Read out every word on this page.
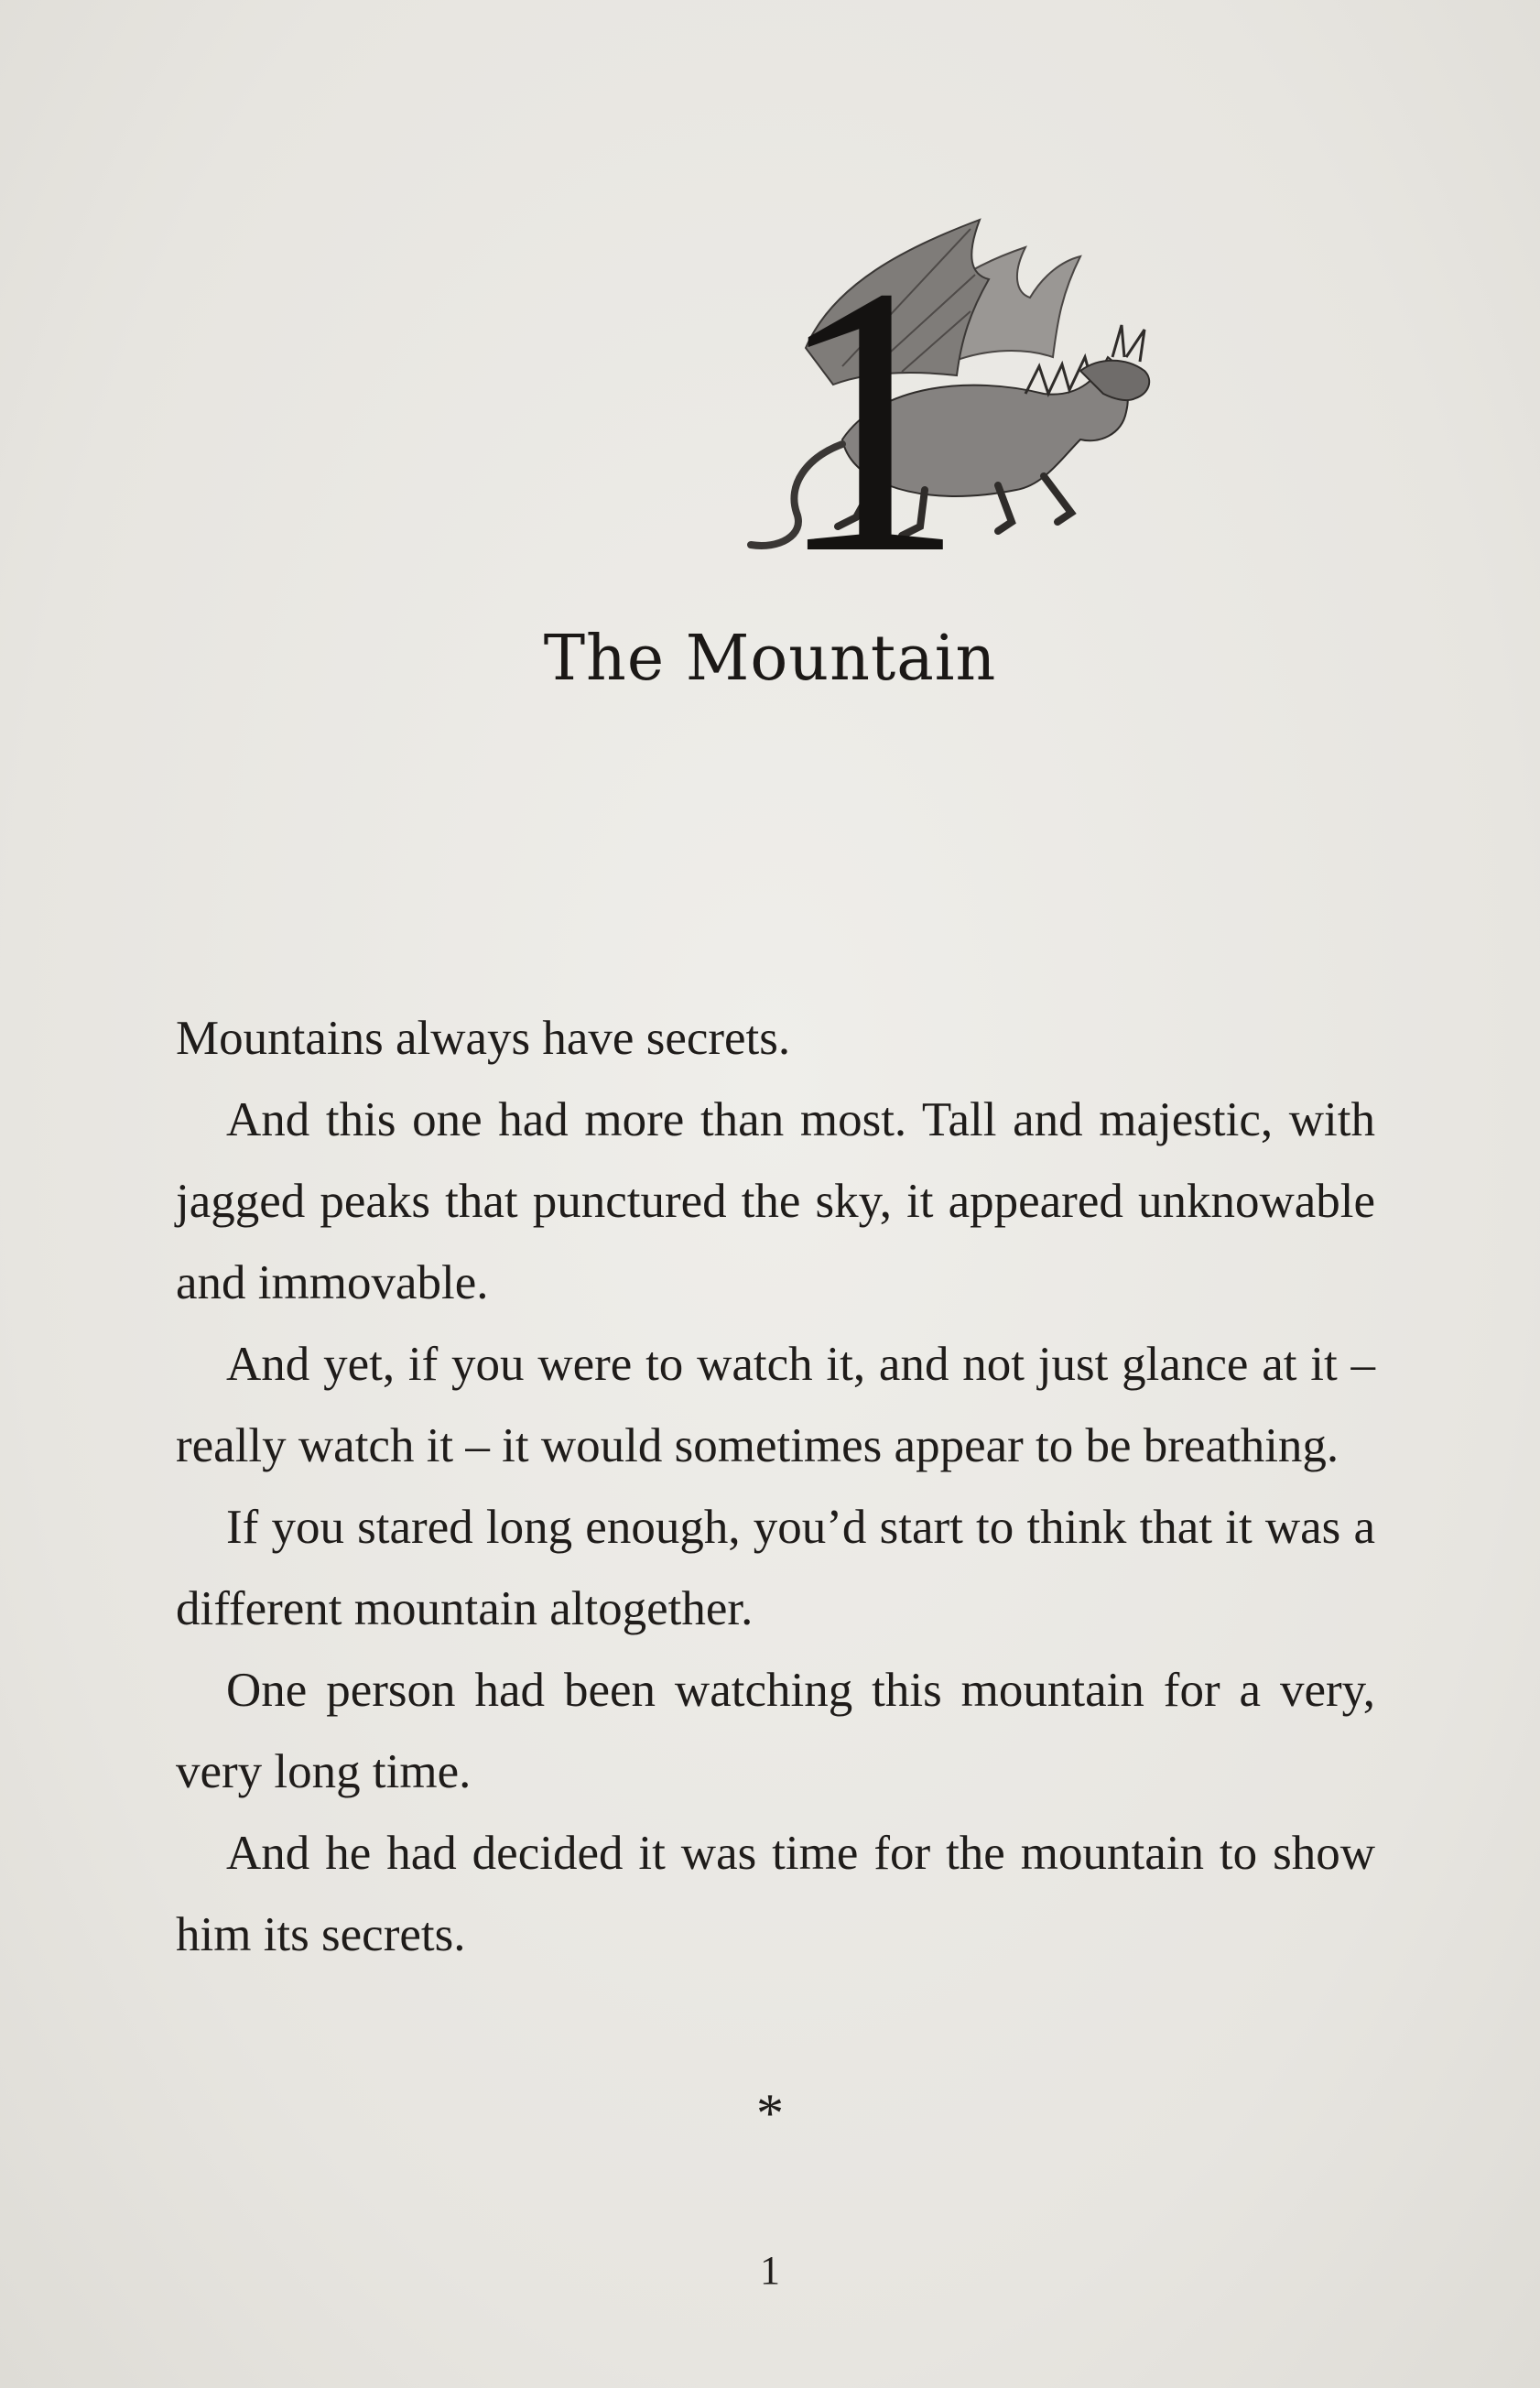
1
The Mountain

Mountains always have secrets.

And this one had more than most. Tall and majestic, with jagged peaks that punctured the sky, it appeared unknowable and immovable.

And yet, if you were to watch it, and not just glance at it – really watch it – it would sometimes appear to be breathing.

If you stared long enough, you’d start to think that it was a different mountain altogether.

One person had been watching this mountain for a very, very long time.

And he had decided it was time for the mountain to show him its secrets.

*
1
